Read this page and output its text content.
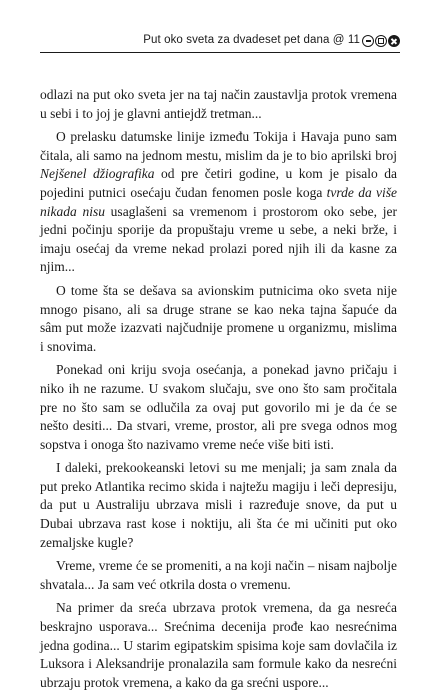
Put oko sveta za dvadeset pet dana @ 11

odlazi na put oko sveta jer na taj način zaustavlja protok vremena u sebi i to joj je glavni antiejdž tretman...

O prelasku datumske linije između Tokija i Havaja puno sam čitala, ali samo na jednom mestu, mislim da je to bio aprilski broj Nejšenel džiografika od pre četiri godine, u kom je pisalo da pojedini putnici osećaju čudan fenomen posle koga tvrde da više nikada nisu usaglašeni sa vremenom i prostorom oko sebe, jer jedni počinju sporije da propuštaju vreme u sebe, a neki brže, i imaju osećaj da vreme nekad prolazi pored njih ili da kasne za njim...

O tome šta se dešava sa avionskim putnicima oko sveta nije mnogo pisano, ali sa druge strane se kao neka tajna šapuće da sâm put može izazvati najčudnije promene u organizmu, mislima i snovima.

Ponekad oni kriju svoja osećanja, a ponekad javno pričaju i niko ih ne razume. U svakom slučaju, sve ono što sam pročitala pre no što sam se odlučila za ovaj put govorilo mi je da će se nešto desiti... Da stvari, vreme, prostor, ali pre svega odnos mog sopstva i onoga što nazivamo vreme neće više biti isti.

I daleki, prekookeanski letovi su me menjali; ja sam znala da put preko Atlantika recimo skida i najtežu magiju i leči depresiju, da put u Australiju ubrzava misli i razređuje snove, da put u Dubai ubrzava rast kose i noktiju, ali šta će mi učiniti put oko zemaljske kugle?

Vreme, vreme će se promeniti, a na koji način – nisam najbolje shvatala... Ja sam već otkrila dosta o vremenu.

Na primer da sreća ubrzava protok vremena, da ga nesreća beskrajno usporava... Srećnima decenija prođe kao nesrećnima jedna godina... U starim egipatskim spisima koje sam dovlačila iz Luksora i Aleksandrije pronalazila sam formule kako da nesrećni ubrzaju protok vremena, a kako da ga srećni uspore...
